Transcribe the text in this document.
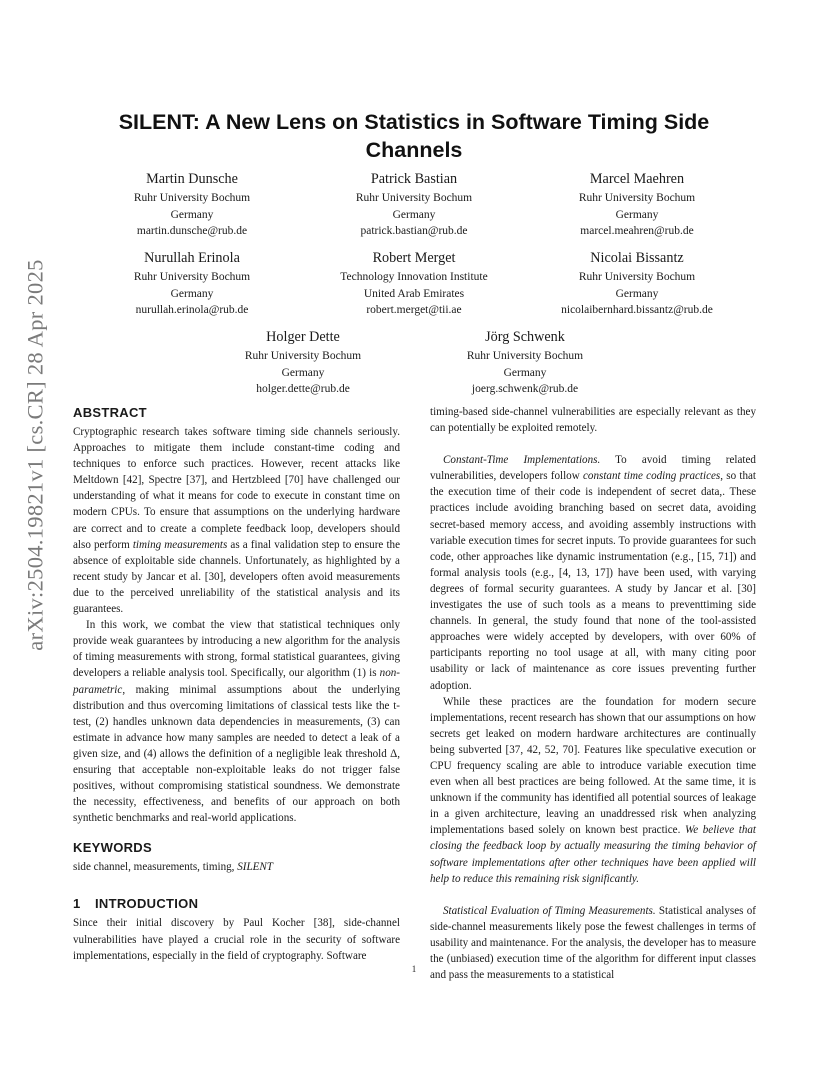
arXiv:2504.19821v1 [cs.CR] 28 Apr 2025
SILENT: A New Lens on Statistics in Software Timing Side Channels
Martin Dunsche
Ruhr University Bochum
Germany
martin.dunsche@rub.de
Patrick Bastian
Ruhr University Bochum
Germany
patrick.bastian@rub.de
Marcel Maehren
Ruhr University Bochum
Germany
marcel.meahren@rub.de
Nurullah Erinola
Ruhr University Bochum
Germany
nurullah.erinola@rub.de
Robert Merget
Technology Innovation Institute
United Arab Emirates
robert.merget@tii.ae
Nicolai Bissantz
Ruhr University Bochum
Germany
nicolaibernhard.bissantz@rub.de
Holger Dette
Ruhr University Bochum
Germany
holger.dette@rub.de
Jörg Schwenk
Ruhr University Bochum
Germany
joerg.schwenk@rub.de
ABSTRACT

Cryptographic research takes software timing side channels seriously. Approaches to mitigate them include constant-time coding and techniques to enforce such practices. However, recent attacks like Meltdown [42], Spectre [37], and Hertzbleed [70] have challenged our understanding of what it means for code to execute in constant time on modern CPUs. To ensure that assumptions on the underlying hardware are correct and to create a complete feedback loop, developers should also perform timing measurements as a final validation step to ensure the absence of exploitable side channels. Unfortunately, as highlighted by a recent study by Jancar et al. [30], developers often avoid measurements due to the perceived unreliability of the statistical analysis and its guarantees.

In this work, we combat the view that statistical techniques only provide weak guarantees by introducing a new algorithm for the analysis of timing measurements with strong, formal statistical guarantees, giving developers a reliable analysis tool. Specifically, our algorithm (1) is non-parametric, making minimal assumptions about the underlying distribution and thus overcoming limitations of classical tests like the t-test, (2) handles unknown data dependencies in measurements, (3) can estimate in advance how many samples are needed to detect a leak of a given size, and (4) allows the definition of a negligible leak threshold Δ, ensuring that acceptable non-exploitable leaks do not trigger false positives, without compromising statistical soundness. We demonstrate the necessity, effectiveness, and benefits of our approach on both synthetic benchmarks and real-world applications.

KEYWORDS

side channel, measurements, timing, SILENT

1 INTRODUCTION

Since their initial discovery by Paul Kocher [38], side-channel vulnerabilities have played a crucial role in the security of software implementations, especially in the field of cryptography. Software

timing-based side-channel vulnerabilities are especially relevant as they can potentially be exploited remotely.

Constant-Time Implementations. To avoid timing related vulnerabilities, developers follow constant time coding practices, so that the execution time of their code is independent of secret data,. These practices include avoiding branching based on secret data, avoiding secret-based memory access, and avoiding assembly instructions with variable execution times for secret inputs. To provide guarantees for such code, other approaches like dynamic instrumentation (e.g., [15, 71]) and formal analysis tools (e.g., [4, 13, 17]) have been used, with varying degrees of formal security guarantees. A study by Jancar et al. [30] investigates the use of such tools as a means to preventtiming side channels. In general, the study found that none of the tool-assisted approaches were widely accepted by developers, with over 60% of participants reporting no tool usage at all, with many citing poor usability or lack of maintenance as core issues preventing further adoption.

While these practices are the foundation for modern secure implementations, recent research has shown that our assumptions on how secrets get leaked on modern hardware architectures are continually being subverted [37, 42, 52, 70]. Features like speculative execution or CPU frequency scaling are able to introduce variable execution time even when all best practices are being followed. At the same time, it is unknown if the community has identified all potential sources of leakage in a given architecture, leaving an unaddressed risk when analyzing implementations based solely on known best practice. We believe that closing the feedback loop by actually measuring the timing behavior of software implementations after other techniques have been applied will help to reduce this remaining risk significantly.

Statistical Evaluation of Timing Measurements. Statistical analyses of side-channel measurements likely pose the fewest challenges in terms of usability and maintenance. For the analysis, the developer has to measure the (unbiased) execution time of the algorithm for different input classes and pass the measurements to a statistical

1
